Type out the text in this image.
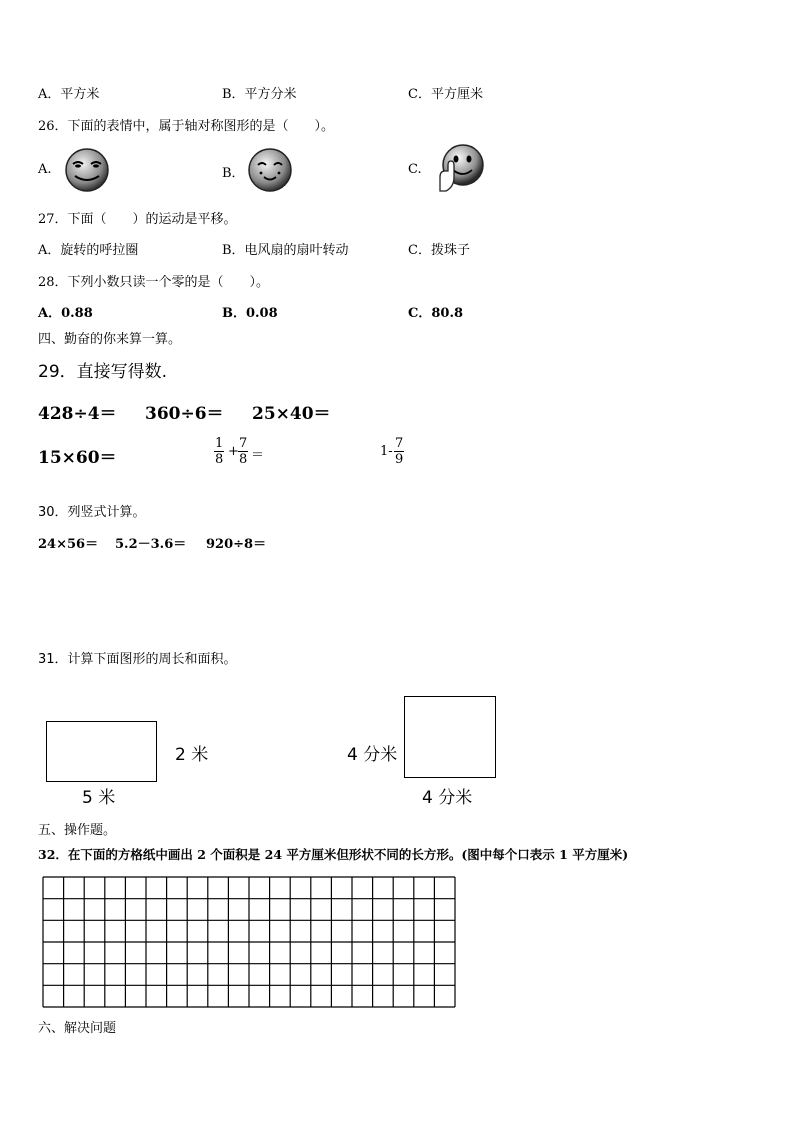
A．平方米	B．平方分米	C．平方厘米
26．下面的表情中，属于轴对称图形的是（　　）。
A.	B．	C.
27．下面（　　）的运动是平移。
A．旋转的呼拉圈	B．电风扇的扇叶转动	C．拨珠子
28．下列小数只读一个零的是（　　）。
A．0.88	B．0.08	C．80.8
四、勤奋的你来算一算。
29．直接写得数.
428÷4＝ 360÷6＝ 25×40＝
15×60＝	$\frac{1}{8} + \frac{7}{8}$ ＝	$1- \frac{7}{9}$
30．列竖式计算。
24×56＝ 5.2－3.6＝ 920÷8＝
31．计算下面图形的周长和面积。
2 米
5 米
4 分米
4 分米
五、操作题。
32．在下面的方格纸中画出 2 个面积是 24 平方厘米但形状不同的长方形。(图中每个口表示 1 平方厘米)
六、解决问题
